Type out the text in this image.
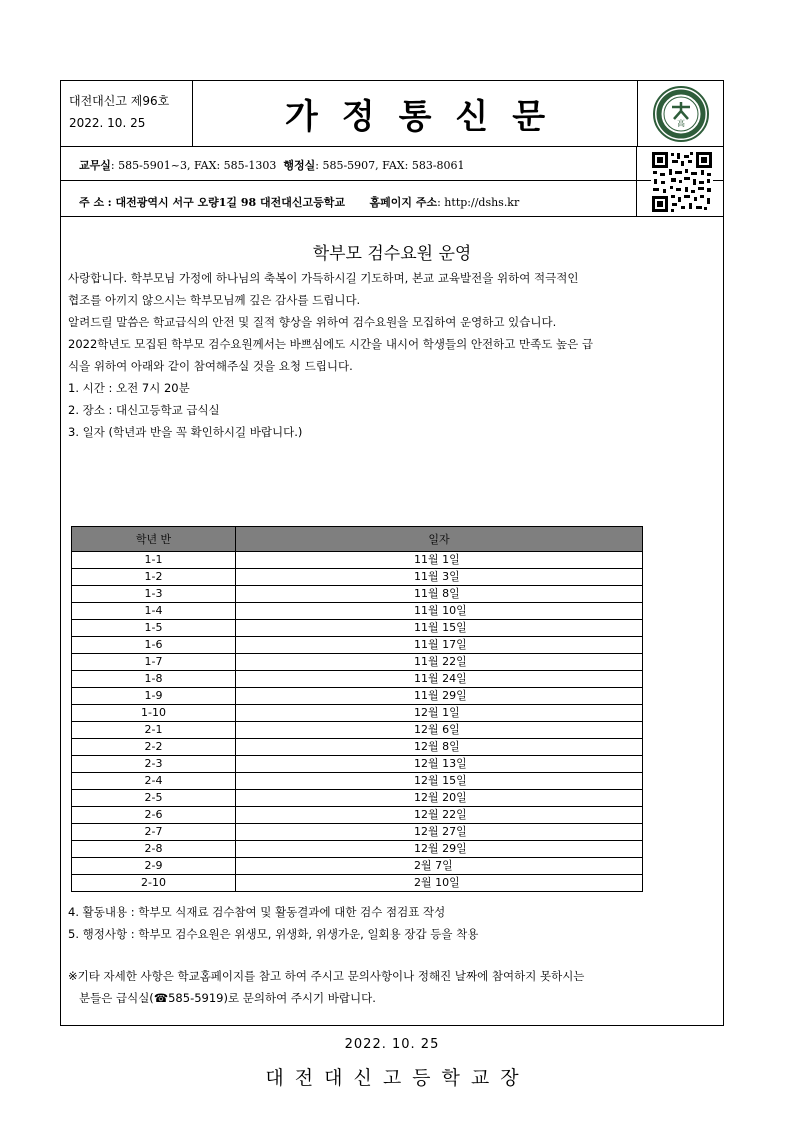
대전대신고 제96호
2022. 10. 25	가정통신문	高
교무실: 585-5901~3, FAX: 585-1303 행정실: 585-5907, FAX: 583-8061
주 소 : 대전광역시 서구 오량1길 98 대전대신고등학교 홈페이지 주소: http://dshs.kr
학부모 검수요원 운영
사랑합니다. 학부모님 가정에 하나님의 축복이 가득하시길 기도하며, 본교 교육발전을 위하여 적극적인
협조를 아끼지 않으시는 학부모님께 깊은 감사를 드립니다.
알려드릴 말씀은 학교급식의 안전 및 질적 향상을 위하여 검수요원을 모집하여 운영하고 있습니다.
2022학년도 모집된 학부모 검수요원께서는 바쁘심에도 시간을 내시어 학생들의 안전하고 만족도 높은 급
식을 위하여 아래와 같이 참여해주실 것을 요청 드립니다.
1. 시간 : 오전 7시 20분
2. 장소 : 대신고등학교 급식실
3. 일자 (학년과 반을 꼭 확인하시길 바랍니다.)
학년 반	일자
1-1	11월 1일
1-2	11월 3일
1-3	11월 8일
1-4	11월 10일
1-5	11월 15일
1-6	11월 17일
1-7	11월 22일
1-8	11월 24일
1-9	11월 29일
1-10	12월 1일
2-1	12월 6일
2-2	12월 8일
2-3	12월 13일
2-4	12월 15일
2-5	12월 20일
2-6	12월 22일
2-7	12월 27일
2-8	12월 29일
2-9	2월 7일
2-10	2월 10일
4. 활동내용 : 학부모 식재료 검수참여 및 활동결과에 대한 검수 점검표 작성
5. 행정사항 : 학부모 검수요원은 위생모, 위생화, 위생가운, 일회용 장갑 등을 착용
※기타 자세한 사항은 학교홈페이지를 참고 하여 주시고 문의사항이나 정해진 날짜에 참여하지 못하시는
분들은 급식실(☎585-5919)로 문의하여 주시기 바랍니다.
2022. 10. 25
대전대신고등학교장
